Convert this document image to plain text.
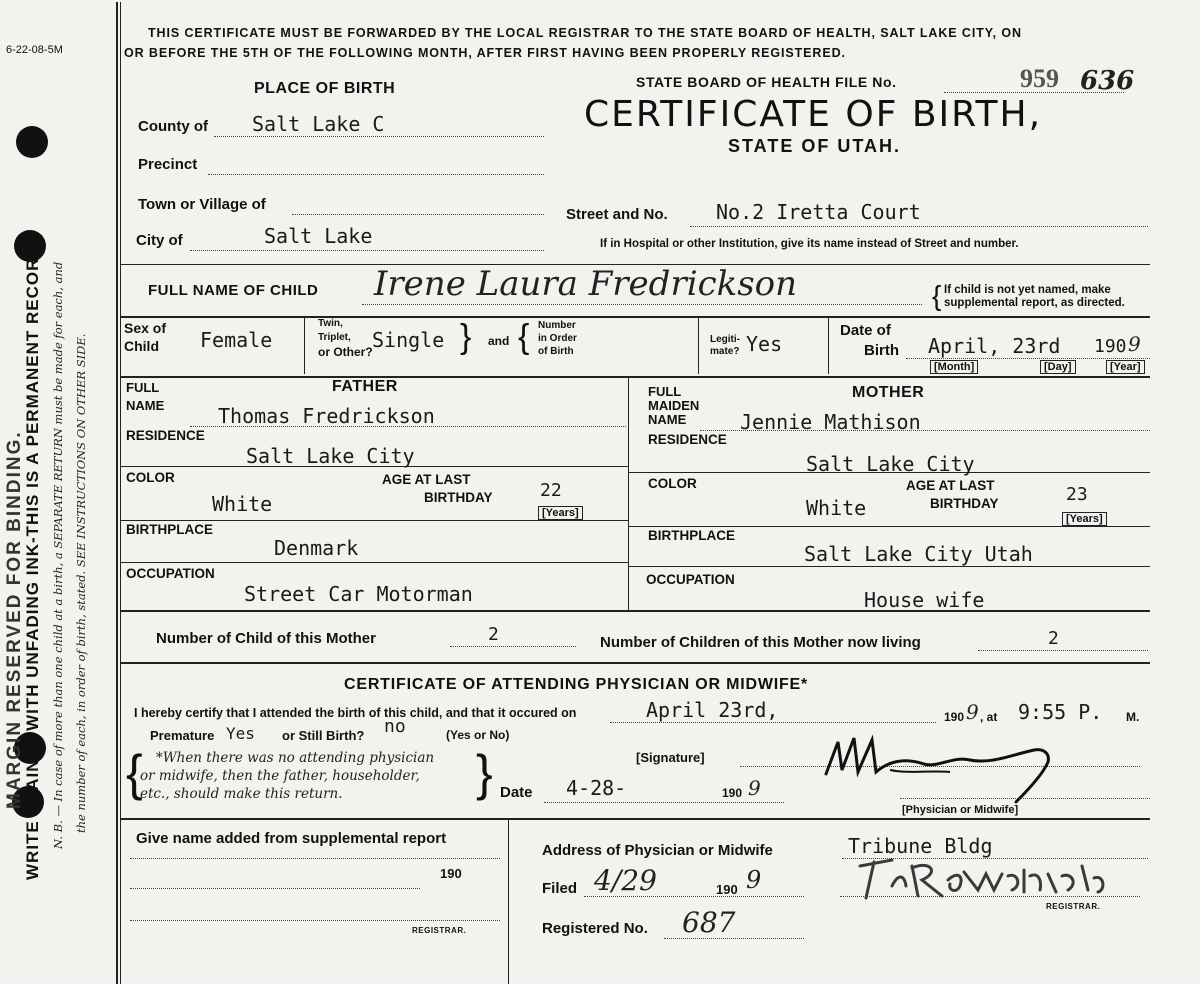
6-22-08-5M
MARGIN RESERVED FOR BINDING.
WRITE PLAINLY WITH UNFADING INK-THIS IS A PERMANENT RECORD. N. B. — In case of more than one child at a birth, a SEPARATE RETURN must be made for each, and the number of each, in order of birth, stated. SEE INSTRUCTIONS ON OTHER SIDE.
THIS CERTIFICATE MUST BE FORWARDED BY THE LOCAL REGISTRAR TO THE STATE BOARD OF HEALTH, SALT LAKE CITY, ON
OR BEFORE THE 5TH OF THE FOLLOWING MONTH, AFTER FIRST HAVING BEEN PROPERLY REGISTERED.
STATE BOARD OF HEALTH FILE No.	959 636
CERTIFICATE OF BIRTH,
STATE OF UTAH.
PLACE OF BIRTH
County of Salt Lake C
Precinct
Town or Village of
City of	Salt Lake
Street and No. No.2 Iretta Court
If in Hospital or other Institution, give its name instead of Street and number.
FULL NAME OF CHILD Irene Laura Fredrickson	If child is not yet named, make
supplemental report, as directed.
{
Sex of
Child Female
Twin,
Triplet,
or Other? Single } and { Number
in Order
of Birth
Legiti-
mate? Yes
Date of
Birth April, 23rd 190 9
[Month]	[Day]	[Year]
FATHER
FULL
NAME	Thomas Fredrickson
RESIDENCE
Salt Lake City
COLOR
White
AGE AT LAST
BIRTHDAY	22
[Years]
BIRTHPLACE
Denmark
OCCUPATION
Street Car Motorman
MOTHER
FULL
MAIDEN
NAME	Jennie Mathison
RESIDENCE
Salt Lake City
COLOR
White
AGE AT LAST
BIRTHDAY	23
[Years]
BIRTHPLACE
Salt Lake City Utah
OCCUPATION
House wife
Number of Child of this Mother	2	Number of Children of this Mother now living	2
CERTIFICATE OF ATTENDING PHYSICIAN OR MIDWIFE*
I hereby certify that I attended the birth of this child, and that it occured on	April 23rd,	190 9 , at 9:55 P. M.
Premature Yes or Still Birth? no	(Yes or No)
{ *When there was no attending physician
or midwife, then the father, householder,
etc., should make this return.	}	[Signature]
Date 4-28-	190 9
[Physician or Midwife]
Give name added from supplemental report
190
REGISTRAR.
Address of Physician or Midwife	Tribune Bldg
Filed 4/29	190 9
REGISTRAR.
Registered No. 687
